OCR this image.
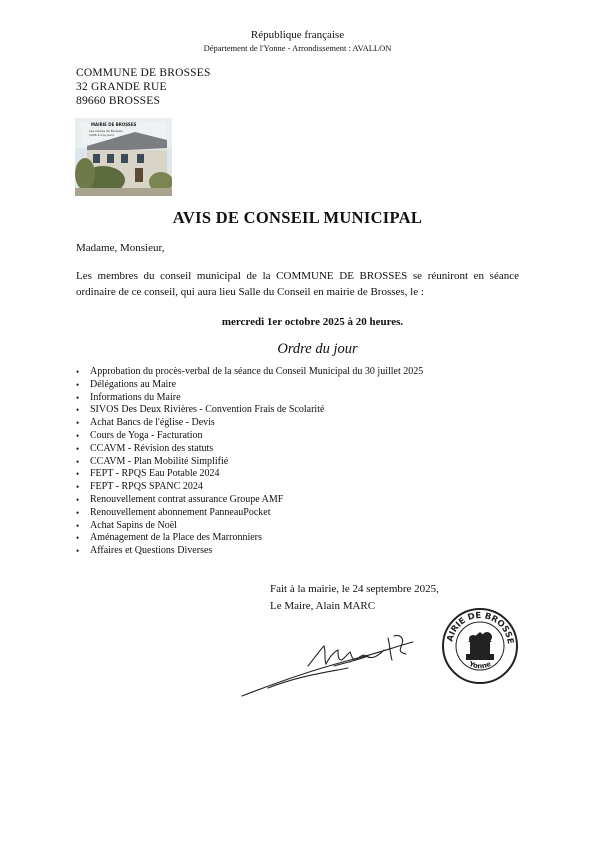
République française
Département de l'Yonne - Arrondissement : AVALLON
COMMUNE DE BROSSES
32 GRANDE RUE
89660 BROSSES
MAIRIE DE BROSSES
Les maires de Brosses
1945 à nos jours
AVIS DE CONSEIL MUNICIPAL
Madame, Monsieur,
Les membres du conseil municipal de la COMMUNE DE BROSSES se réuniront en séance ordinaire de ce conseil, qui aura lieu Salle du Conseil en mairie de Brosses, le :
mercredi 1er octobre 2025 à 20 heures.
Ordre du jour
• Approbation du procès-verbal de la séance du Conseil Municipal du 30 juillet 2025
• Délégations au Maire
• Informations du Maire
• SIVOS Des Deux Rivières - Convention Frais de Scolarité
• Achat Bancs de l'église - Devis
• Cours de Yoga - Facturation
• CCAVM - Révision des statuts
• CCAVM - Plan Mobilité Simplifié
• FEPT - RPQS Eau Potable 2024
• FEPT - RPQS SPANC 2024
• Renouvellement contrat assurance Groupe AMF
• Renouvellement abonnement PanneauPocket
• Achat Sapins de Noël
• Aménagement de la Place des Marronniers
• Affaires et Questions Diverses
Fait à la mairie, le 24 septembre 2025,
Le Maire, Alain MARC
AIRIE DE BROSSE
Yonne
